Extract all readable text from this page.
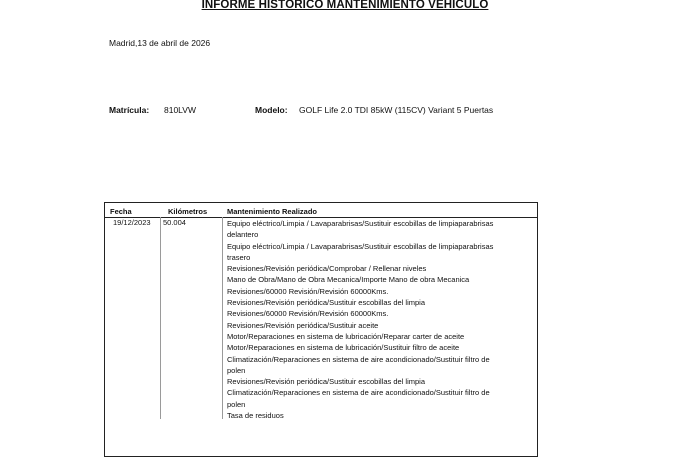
INFORME HISTÓRICO MANTENIMIENTO VEHÍCULO
Madrid,13 de abril de 2026
Matrícula: 810LVW	Modelo: GOLF Life 2.0 TDI 85kW (115CV) Variant 5 Puertas
Fecha	Kilómetros	Mantenimiento Realizado
19/12/2023 50.004	Equipo eléctrico/Limpia / Lavaparabrisas/Sustituir escobillas de limpiaparabrisas
delantero
Equipo eléctrico/Limpia / Lavaparabrisas/Sustituir escobillas de limpiaparabrisas
trasero
Revisiones/Revisión periódica/Comprobar / Rellenar niveles
Mano de Obra/Mano de Obra Mecanica/Importe Mano de obra Mecanica
Revisiones/60000 Revisión/Revisión 60000Kms.
Revisiones/Revisión periódica/Sustituir escobillas del limpia
Revisiones/60000 Revisión/Revisión 60000Kms.
Revisiones/Revisión periódica/Sustituir aceite
Motor/Reparaciones en sistema de lubricación/Reparar carter de aceite
Motor/Reparaciones en sistema de lubricación/Sustituir filtro de aceite
Climatización/Reparaciones en sistema de aire acondicionado/Sustituir filtro de
polen
Revisiones/Revisión periódica/Sustituir escobillas del limpia
Climatización/Reparaciones en sistema de aire acondicionado/Sustituir filtro de
polen
Tasa de residuos
